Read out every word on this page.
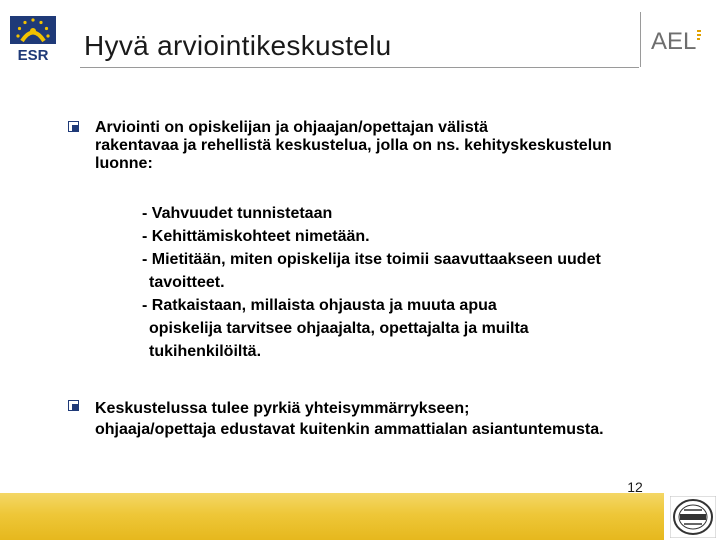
ESR Hyvä arviointikeskustelu	AEL
Arviointi on opiskelijan ja ohjaajan/opettajan välistä
rakentavaa ja rehellistä keskustelua, jolla on ns. kehityskeskustelun
luonne:
- Vahvuudet tunnistetaan
- Kehittämiskohteet nimetään.
- Mietitään, miten opiskelija itse toimii saavuttaakseen uudet
tavoitteet.
- Ratkaistaan, millaista ohjausta ja muuta apua
opiskelija tarvitsee ohjaajalta, opettajalta ja muilta
tukihenkilöiltä.
Keskustelussa tulee pyrkiä yhteisymmärrykseen;
ohjaaja/opettaja edustavat kuitenkin ammattialan asiantuntemusta.
12
